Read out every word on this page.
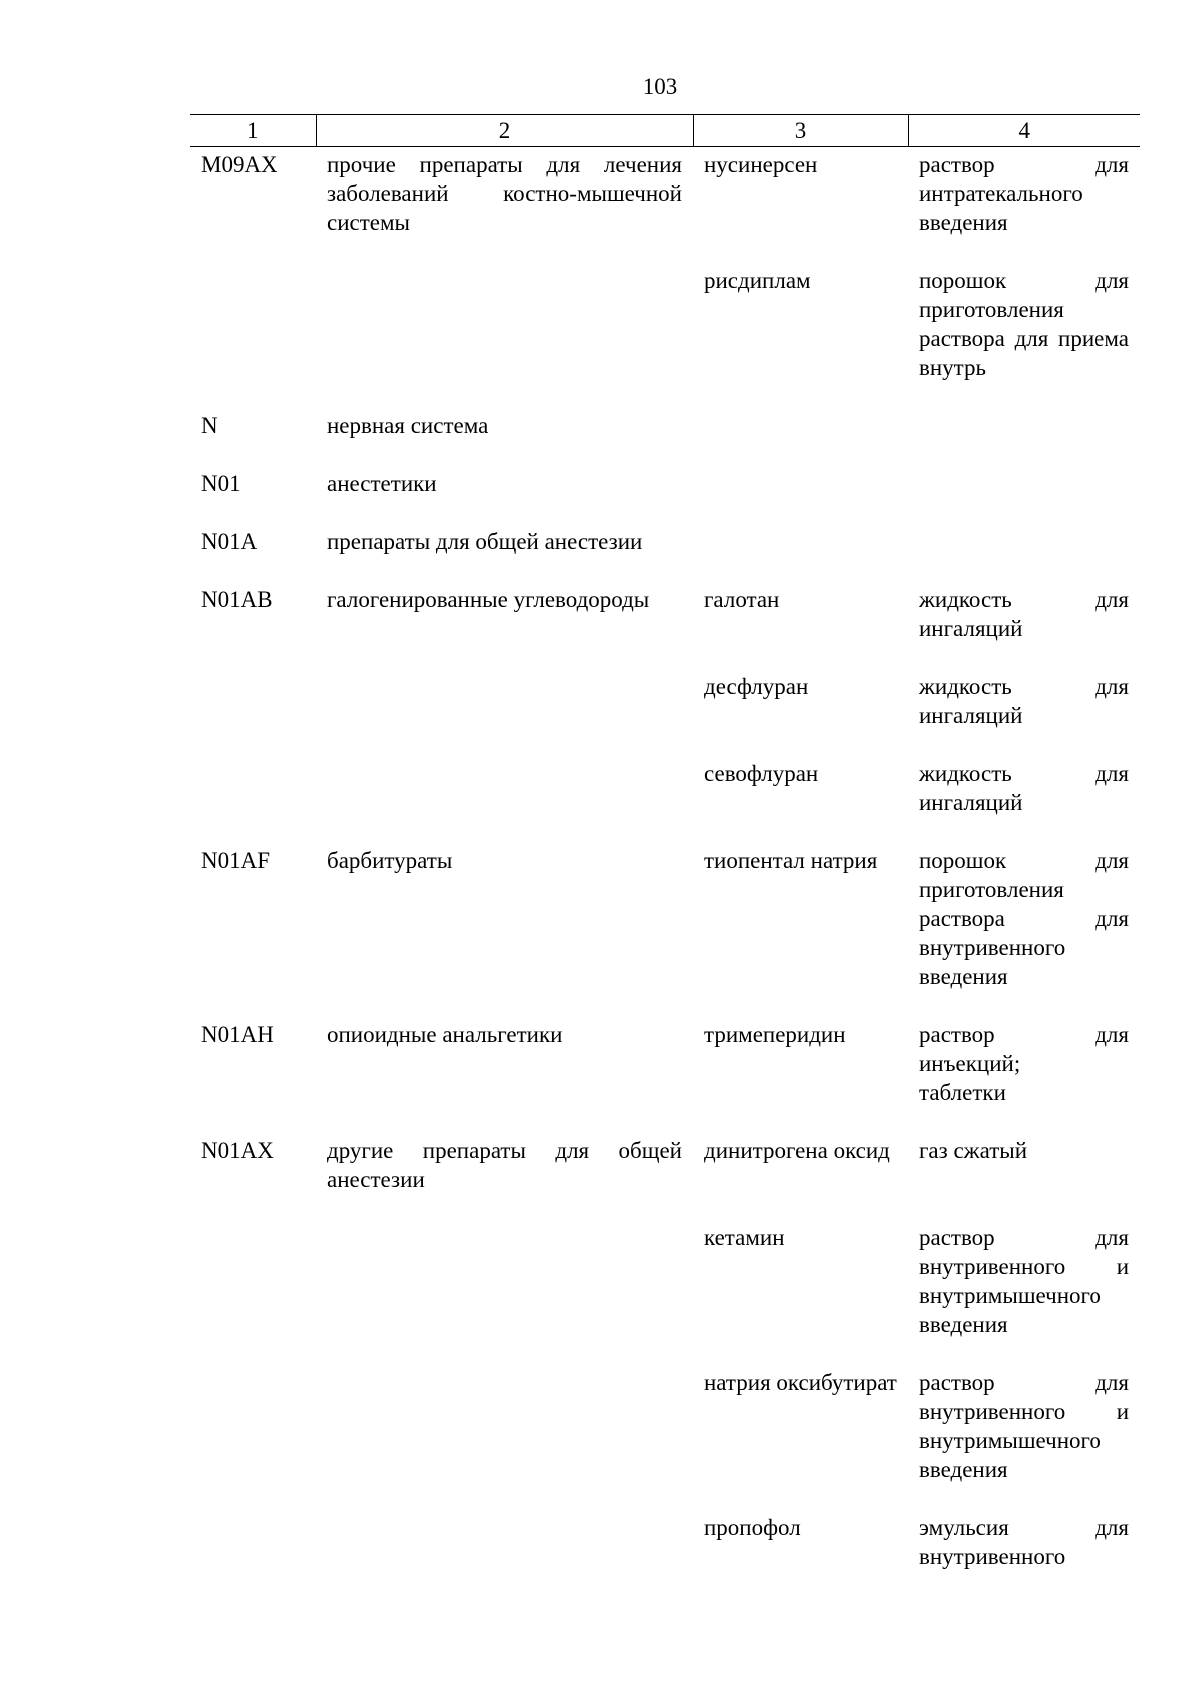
103
1	2	3	4
M09AX	прочие препараты для лечения заболеваний костно-мышечной системы	нусинерсен	раствор для интратекального введения
		рисдиплам	порошок для приготовления раствора для приема внутрь
N	нервная система		
N01	анестетики		
N01A	препараты для общей анестезии		
N01AB	галогенированные углеводороды	галотан	жидкость для ингаляций
		десфлуран	жидкость для ингаляций
		севофлуран	жидкость для ингаляций
N01AF	барбитураты	тиопентал натрия	порошок для приготовления раствора для внутривенного введения
N01AH	опиоидные анальгетики	тримеперидин	раствор для инъекций;
таблетки

N01AX	другие препараты для общей анестезии	динитрогена оксид	газ сжатый
		кетамин	раствор для внутривенного и внутримышечного введения
		натрия оксибутират	раствор для внутривенного и внутримышечного введения
		пропофол	эмульсия для внутривенного
